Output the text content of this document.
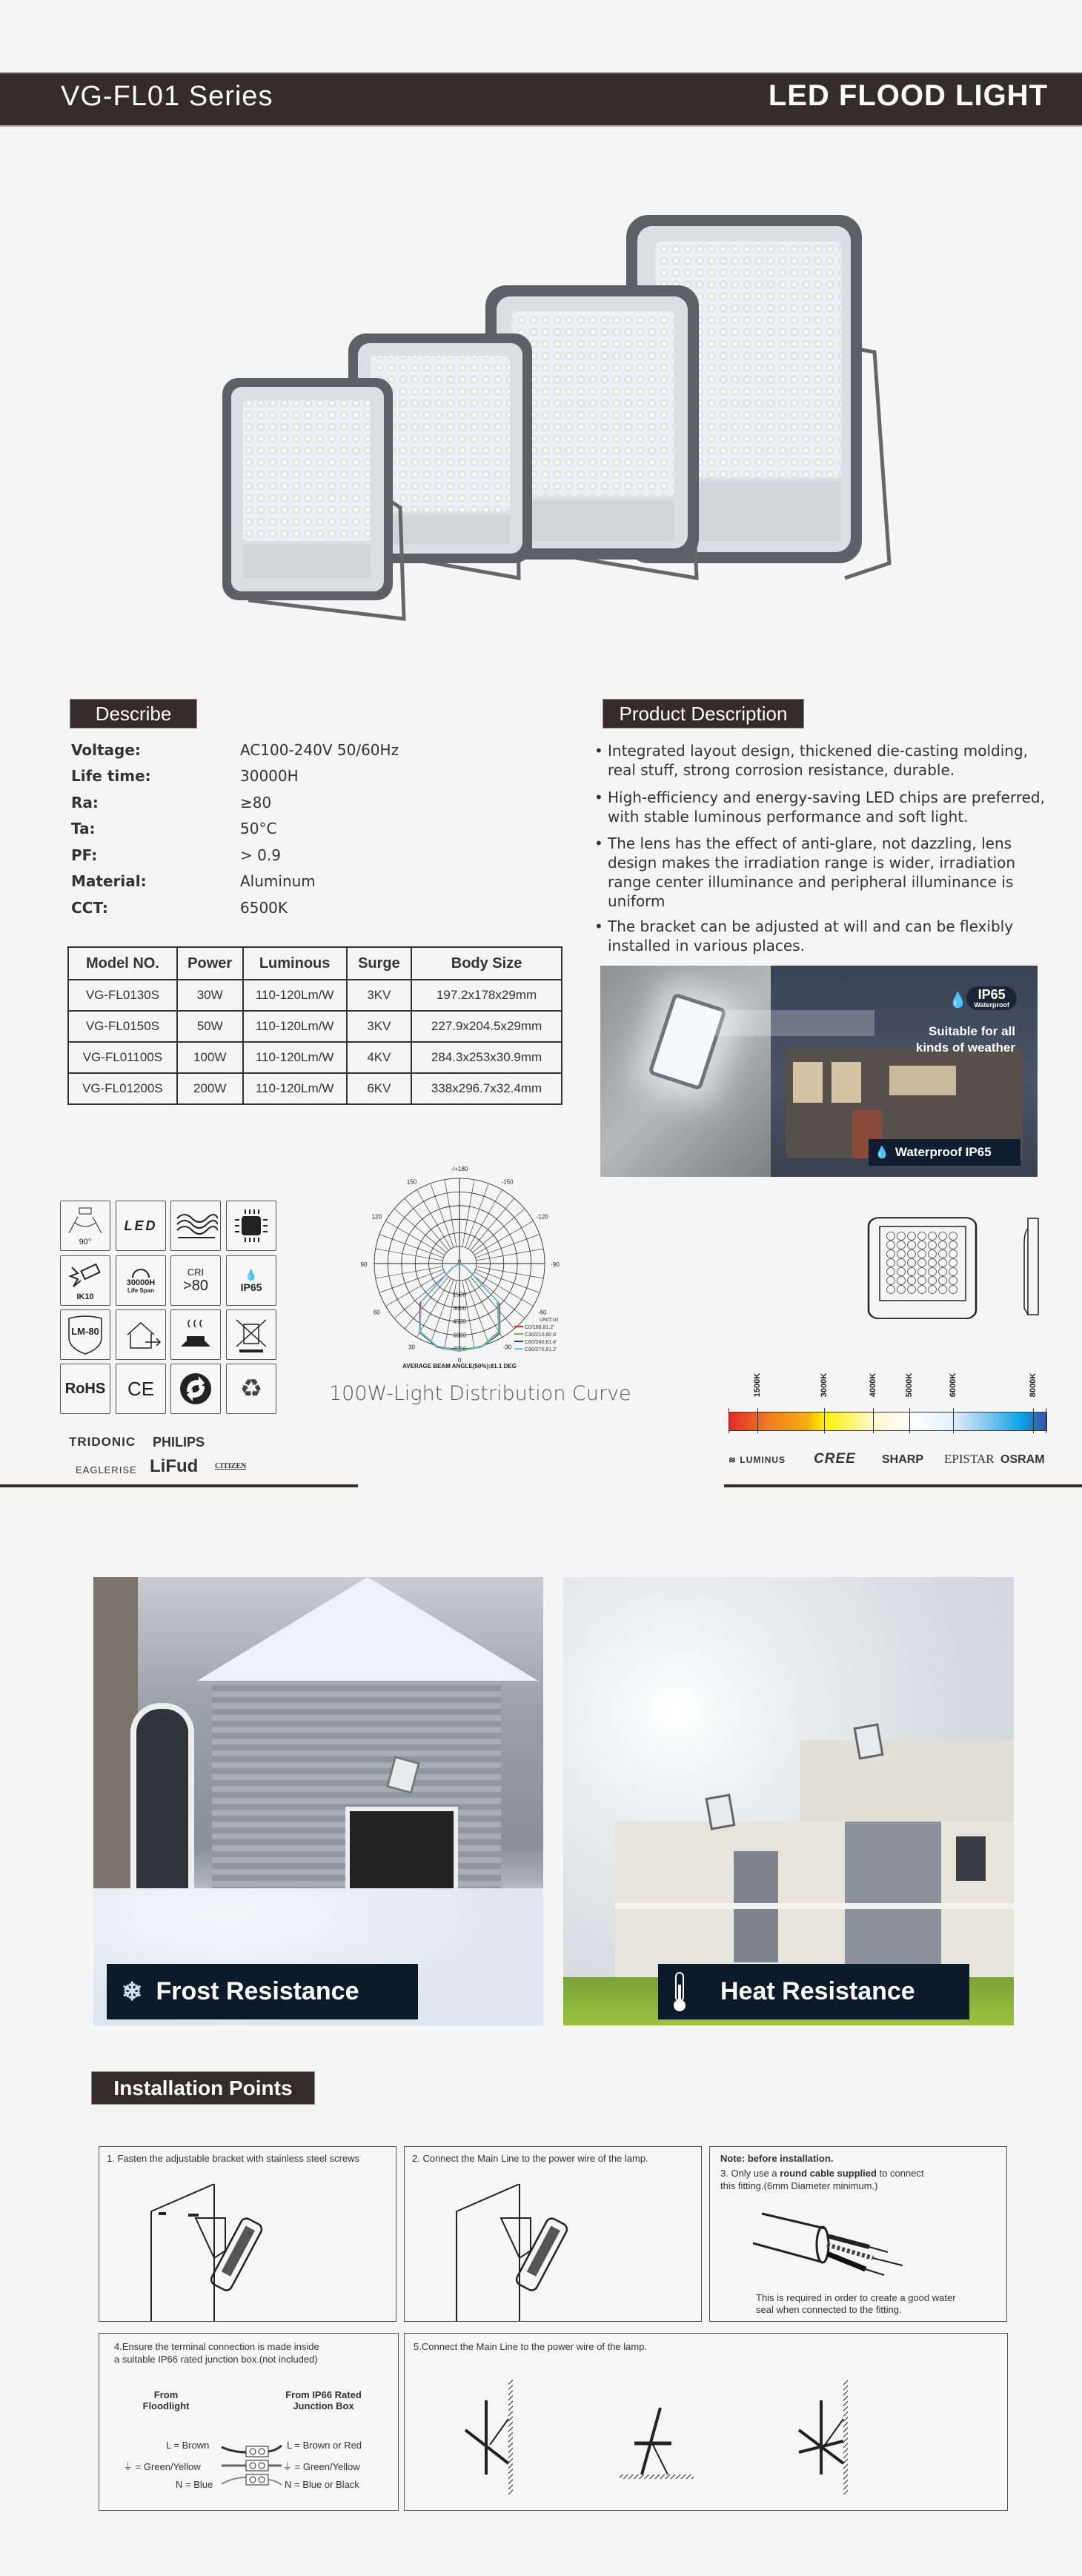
VG-FL01 Series	LED FLOOD LIGHT
Describe
Voltage:	AC100-240V 50/60Hz
Life time:	30000H
Ra:	≥80
Ta:	50°C
PF:	> 0.9
Material:	Aluminum
CCT:	6500K
Model NO.	Power	Luminous	Surge	Body Size
VG-FL0130S	30W	110-120Lm/W	3KV	197.2x178x29mm
VG-FL0150S	50W	110-120Lm/W	3KV	227.9x204.5x29mm
VG-FL01100S	100W	110-120Lm/W	4KV	284.3x253x30.9mm
VG-FL01200S	200W	110-120Lm/W	6KV	338x296.7x32.4mm
Product Description
• Integrated layout design, thickened die-casting molding, real stuff, strong corrosion resistance, durable.
• High-efficiency and energy-saving LED chips are preferred, with stable luminous performance and soft light.
• The lens has the effect of anti-glare, not dazzling, lens design makes the irradiation range is wider, irradiation range center illuminance and peripheral illuminance is uniform
• The bracket can be adjusted at will and can be flexibly installed in various places.
💧 IP65
Waterproof
Suitable for all
kinds of weather
💧 Waterproof IP65
90°
LED
IK10
30000H
Life Span
CRI
>80
💧
IP65
LM-80
RoHS	CE	♻
TRIDONIC PHILIPS
EAGLERISE LiFud CITIZEN
-/+180
-150
150
-120
120
-90
90
-60
60
-30
30
0
0
1500
3000
4500
6000
7500
UNIT:cd
C0/180,81.2'
C30/210,80.6'
C60/240,81.4'
C90/270,81.2'
AVERAGE BEAM ANGLE(50%):81.1 DEG
100W-Light Distribution Curve	1500K	3000K	4000K	5000K	6000K	8000K
≋ LUMINUS CREE SHARP EPISTAR OSRAM
❄ Frost Resistance	Heat Resistance
Installation Points
1. Fasten the adjustable bracket with stainless steel screws	2. Connect the Main Line to the power wire of the lamp.	Note: before installation.
3. Only use a round cable supplied to connect
this fitting.(6mm Diameter minimum.)
This is required in order to create a good water
seal when connected to the fitting.
4.Ensure the terminal connection is made inside
a suitable IP66 rated junction box.(not included)
From
Floodlight
From IP66 Rated
Junction Box
L = Brown
⏚ = Green/Yellow
N = Blue
L = Brown or Red
⏚ = Green/Yellow
N = Blue or Black
5.Connect the Main Line to the power wire of the lamp.
